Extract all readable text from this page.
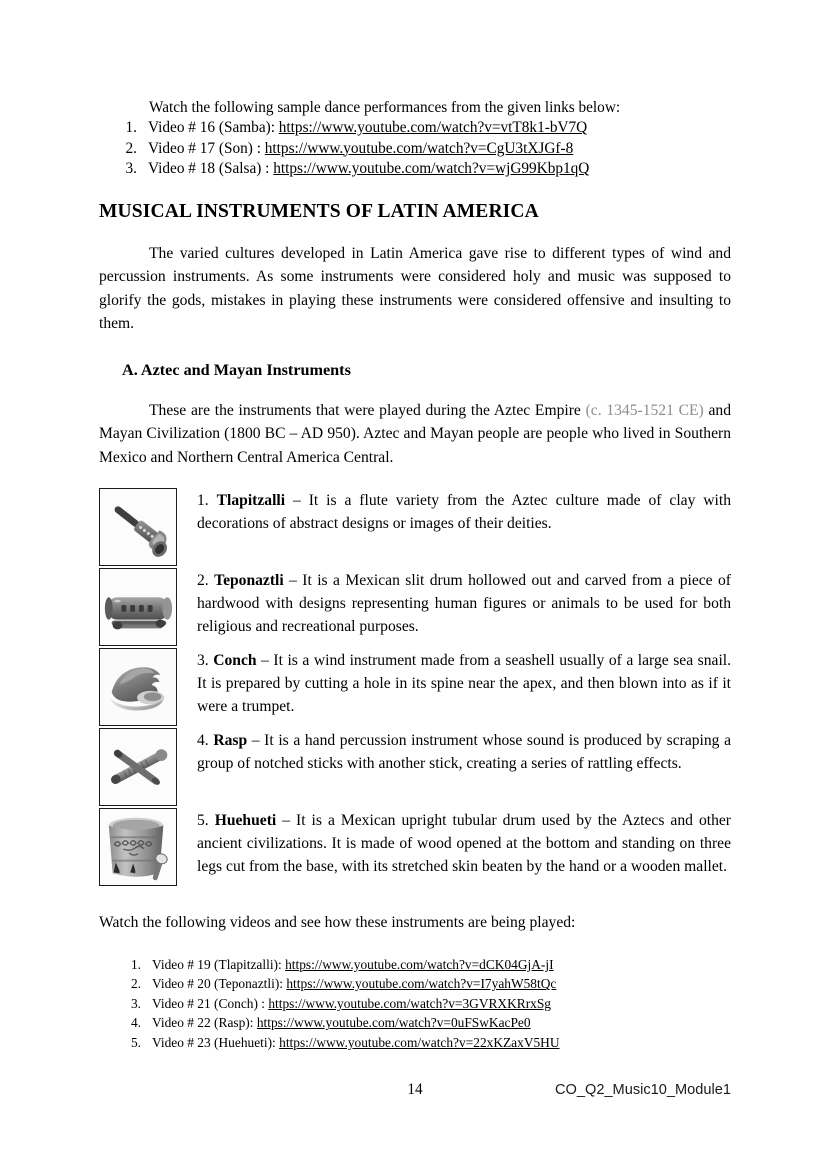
Watch the following sample dance performances from the given links below:

1. Video # 16 (Samba): https://www.youtube.com/watch?v=vtT8k1-bV7Q
2. Video # 17 (Son) : https://www.youtube.com/watch?v=CgU3tXJGf-8
3. Video # 18 (Salsa) : https://www.youtube.com/watch?v=wjG99Kbp1qQ
MUSICAL INSTRUMENTS OF LATIN AMERICA

The varied cultures developed in Latin America gave rise to different types of wind and percussion instruments. As some instruments were considered holy and music was supposed to glorify the gods, mistakes in playing these instruments were considered offensive and insulting to them.

A. Aztec and Mayan Instruments

These are the instruments that were played during the Aztec Empire (c. 1345-1521 CE) and Mayan Civilization (1800 BC – AD 950). Aztec and Mayan people are people who lived in Southern Mexico and Northern Central America Central.

1. Tlapitzalli – It is a flute variety from the Aztec culture made of clay with decorations of abstract designs or images of their deities.
2. Teponaztli – It is a Mexican slit drum hollowed out and carved from a piece of hardwood with designs representing human figures or animals to be used for both religious and recreational purposes.
3. Conch – It is a wind instrument made from a seashell usually of a large sea snail. It is prepared by cutting a hole in its spine near the apex, and then blown into as if it were a trumpet.
4. Rasp – It is a hand percussion instrument whose sound is produced by scraping a group of notched sticks with another stick, creating a series of rattling effects.
5. Huehueti – It is a Mexican upright tubular drum used by the Aztecs and other ancient civilizations. It is made of wood opened at the bottom and standing on three legs cut from the base, with its stretched skin beaten by the hand or a wooden mallet.

Watch the following videos and see how these instruments are being played:

1. Video # 19 (Tlapitzalli): https://www.youtube.com/watch?v=dCK04GjA-jI
2. Video # 20 (Teponaztli): https://www.youtube.com/watch?v=I7yahW58tQc
3. Video # 21 (Conch) : https://www.youtube.com/watch?v=3GVRXKRrxSg
4. Video # 22 (Rasp): https://www.youtube.com/watch?v=0uFSwKacPe0
5. Video # 23 (Huehueti): https://www.youtube.com/watch?v=22xKZaxV5HU
14	CO_Q2_Music10_Module1
